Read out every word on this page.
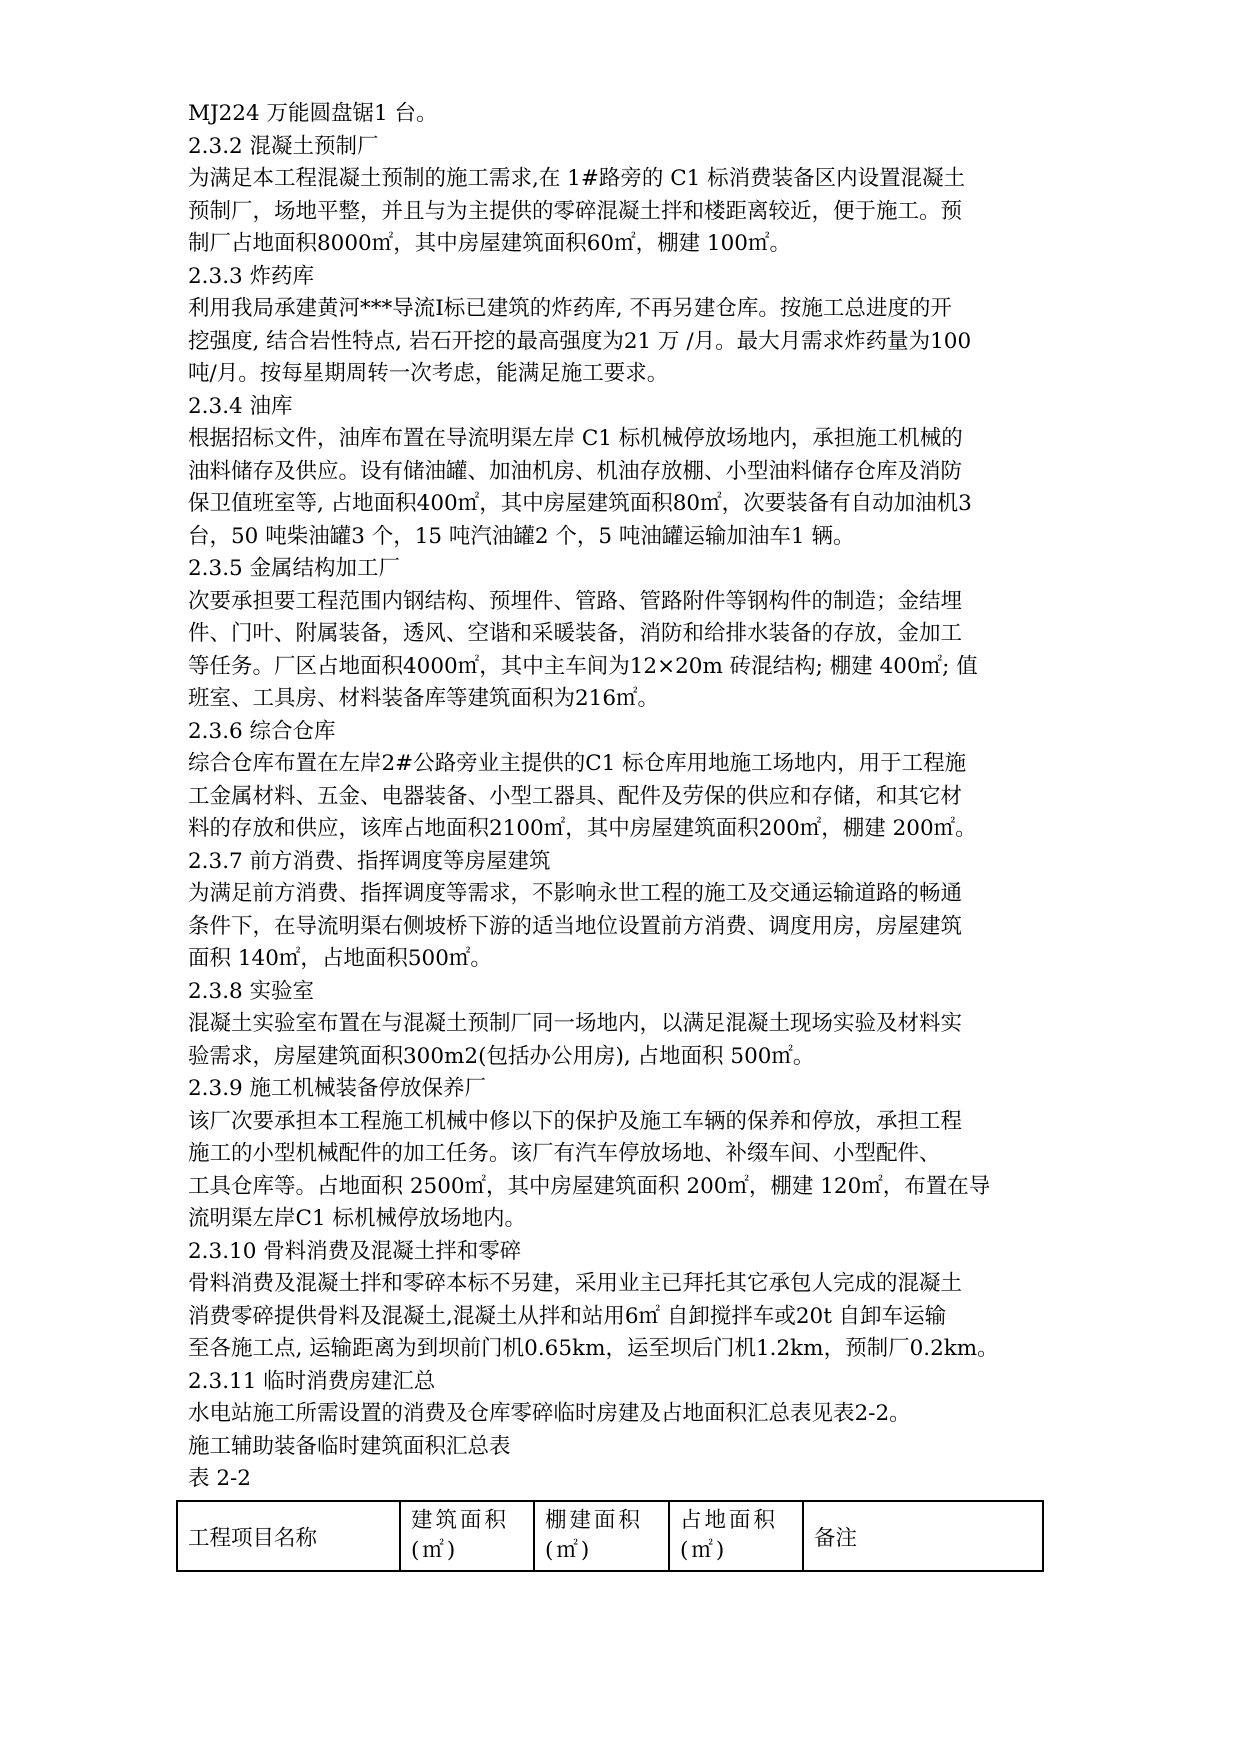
MJ224 万能圆盘锯1 台。
2.3.2 混凝土预制厂
为满足本工程混凝土预制的施工需求,在 1#路旁的 C1 标消费装备区内设置混凝土
预制厂，场地平整，并且与为主提供的零碎混凝土拌和楼距离较近，便于施工。预
制厂占地面积8000㎡，其中房屋建筑面积60㎡，棚建 100㎡。
2.3.3 炸药库
利用我局承建黄河***导流Ⅰ标已建筑的炸药库, 不再另建仓库。按施工总进度的开
挖强度, 结合岩性特点, 岩石开挖的最高强度为21 万 /月。最大月需求炸药量为100
吨/月。按每星期周转一次考虑，能满足施工要求。
2.3.4 油库
根据招标文件，油库布置在导流明渠左岸 C1 标机械停放场地内，承担施工机械的
油料储存及供应。设有储油罐、加油机房、机油存放棚、小型油料储存仓库及消防
保卫值班室等, 占地面积400㎡，其中房屋建筑面积80㎡，次要装备有自动加油机3
台，50 吨柴油罐3 个，15 吨汽油罐2 个，5 吨油罐运输加油车1 辆。
2.3.5 金属结构加工厂
次要承担要工程范围内钢结构、预埋件、管路、管路附件等钢构件的制造；金结埋
件、门叶、附属装备，透风、空谐和采暖装备，消防和给排水装备的存放，金加工
等任务。厂区占地面积4000㎡，其中主车间为12×20m 砖混结构; 棚建 400㎡; 值
班室、工具房、材料装备库等建筑面积为216㎡。
2.3.6 综合仓库
综合仓库布置在左岸2#公路旁业主提供的C1 标仓库用地施工场地内，用于工程施
工金属材料、五金、电器装备、小型工器具、配件及劳保的供应和存储，和其它材
料的存放和供应，该库占地面积2100㎡，其中房屋建筑面积200㎡，棚建 200㎡。
2.3.7 前方消费、指挥调度等房屋建筑
为满足前方消费、指挥调度等需求，不影响永世工程的施工及交通运输道路的畅通
条件下，在导流明渠右侧坡桥下游的适当地位设置前方消费、调度用房，房屋建筑
面积 140㎡，占地面积500㎡。
2.3.8 实验室
混凝土实验室布置在与混凝土预制厂同一场地内，以满足混凝土现场实验及材料实
验需求，房屋建筑面积300m2(包括办公用房), 占地面积 500㎡。
2.3.9 施工机械装备停放保养厂
该厂次要承担本工程施工机械中修以下的保护及施工车辆的保养和停放，承担工程
施工的小型机械配件的加工任务。该厂有汽车停放场地、补缀车间、小型配件、
工具仓库等。占地面积 2500㎡，其中房屋建筑面积 200㎡，棚建 120㎡，布置在导
流明渠左岸C1 标机械停放场地内。
2.3.10 骨料消费及混凝土拌和零碎
骨料消费及混凝土拌和零碎本标不另建，采用业主已拜托其它承包人完成的混凝土
消费零碎提供骨料及混凝土,混凝土从拌和站用6㎡ 自卸搅拌车或20t 自卸车运输
至各施工点, 运输距离为到坝前门机0.65km，运至坝后门机1.2km，预制厂0.2km。
2.3.11 临时消费房建汇总
水电站施工所需设置的消费及仓库零碎临时房建及占地面积汇总表见表2-2。
施工辅助装备临时建筑面积汇总表
表 2-2
工程项目名称	建筑面积(㎡)	棚建面积(㎡)	占地面积(㎡)	备注
